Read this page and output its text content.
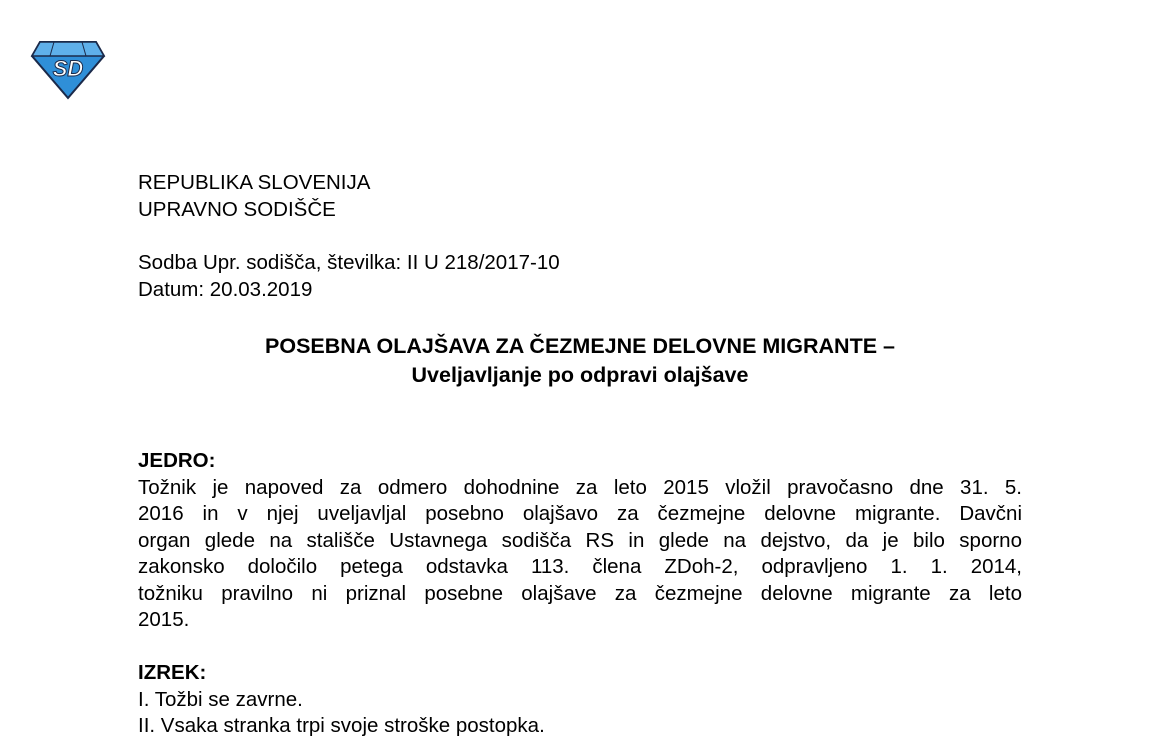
SD
REPUBLIKA SLOVENIJA
UPRAVNO SODIŠČE
Sodba Upr. sodišča, številka: II U 218/2017-10
Datum: 20.03.2019
POSEBNA OLAJŠAVA ZA ČEZMEJNE DELOVNE MIGRANTE –
Uveljavljanje po odpravi olajšave
JEDRO:
Tožnik je napoved za odmero dohodnine za leto 2015 vložil pravočasno dne 31. 5.
2016 in v njej uveljavljal posebno olajšavo za čezmejne delovne migrante. Davčni
organ glede na stališče Ustavnega sodišča RS in glede na dejstvo, da je bilo sporno
zakonsko določilo petega odstavka 113. člena ZDoh-2, odpravljeno 1. 1. 2014,
tožniku pravilno ni priznal posebne olajšave za čezmejne delovne migrante za leto
2015.
IZREK:
I. Tožbi se zavrne.
II. Vsaka stranka trpi svoje stroške postopka.
